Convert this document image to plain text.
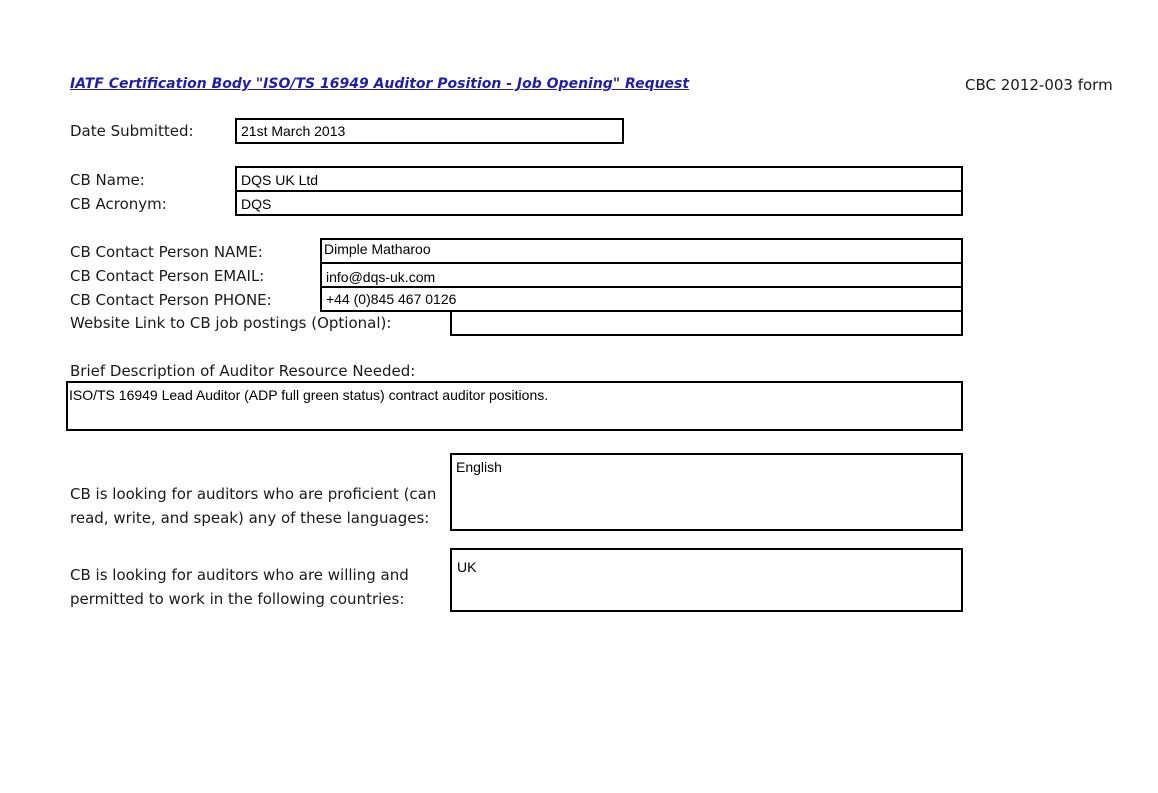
IATF Certification Body "ISO/TS 16949 Auditor Position - Job Opening" Request	CBC 2012-003 form
Date Submitted:	21st March 2013
CB Name:	DQS UK Ltd
CB Acronym:	DQS
CB Contact Person NAME:	Dimple Matharoo
CB Contact Person EMAIL:	info@dqs-uk.com
CB Contact Person PHONE:	+44 (0)845 467 0126
Website Link to CB job postings (Optional):
Brief Description of Auditor Resource Needed:
ISO/TS 16949 Lead Auditor (ADP full green status) contract auditor positions.
CB is looking for auditors who are proficient (can read, write, and speak) any of these languages:
English
CB is looking for auditors who are willing and permitted to work in the following countries:
UK
